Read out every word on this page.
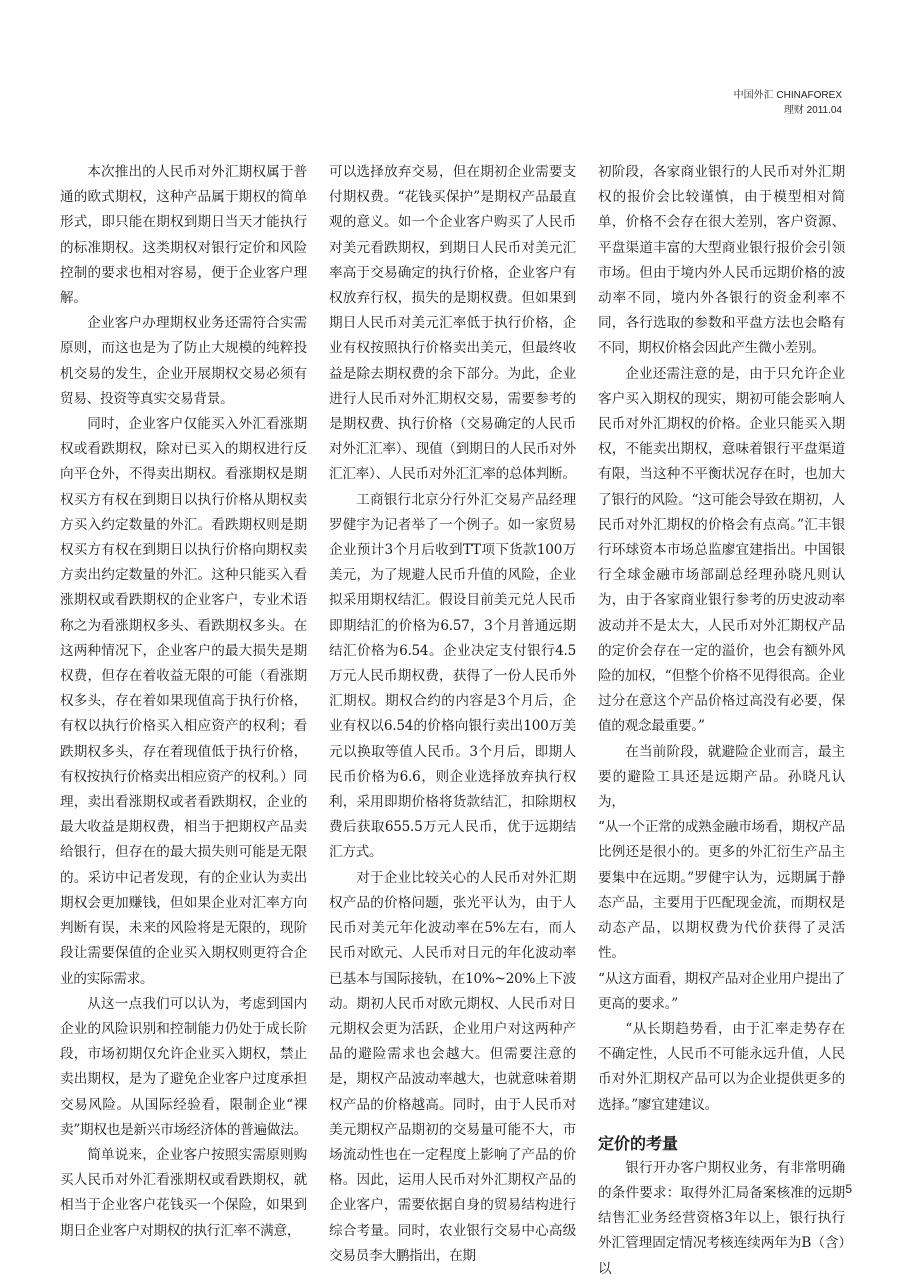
中国外汇 CHINAFOREX
理财 2011.04

本次推出的人民币对外汇期权属于普通的欧式期权，这种产品属于期权的简单形式，即只能在期权到期日当天才能执行的标准期权。这类期权对银行定价和风险控制的要求也相对容易，便于企业客户理解。

企业客户办理期权业务还需符合实需原则，而这也是为了防止大规模的纯粹投机交易的发生，企业开展期权交易必须有贸易、投资等真实交易背景。

同时，企业客户仅能买入外汇看涨期权或看跌期权，除对已买入的期权进行反向平仓外，不得卖出期权。看涨期权是期权买方有权在到期日以执行价格从期权卖方买入约定数量的外汇。看跌期权则是期权买方有权在到期日以执行价格向期权卖方卖出约定数量的外汇。这种只能买入看涨期权或看跌期权的企业客户，专业术语称之为看涨期权多头、看跌期权多头。在这两种情况下，企业客户的最大损失是期权费，但存在着收益无限的可能（看涨期权多头，存在着如果现值高于执行价格，有权以执行价格买入相应资产的权利；看跌期权多头，存在着现值低于执行价格，有权按执行价格卖出相应资产的权利。）同理，卖出看涨期权或者看跌期权，企业的最大收益是期权费，相当于把期权产品卖给银行，但存在的最大损失则可能是无限的。采访中记者发现，有的企业认为卖出期权会更加赚钱，但如果企业对汇率方向判断有误，未来的风险将是无限的，现阶段让需要保值的企业买入期权则更符合企业的实际需求。

从这一点我们可以认为，考虑到国内企业的风险识别和控制能力仍处于成长阶段，市场初期仅允许企业买入期权，禁止卖出期权，是为了避免企业客户过度承担交易风险。从国际经验看，限制企业“裸卖”期权也是新兴市场经济体的普遍做法。

简单说来，企业客户按照实需原则购买人民币对外汇看涨期权或看跌期权，就相当于企业客户花钱买一个保险，如果到期日企业客户对期权的执行汇率不满意，

可以选择放弃交易，但在期初企业需要支付期权费。“花钱买保护”是期权产品最直观的意义。如一个企业客户购买了人民币对美元看跌期权，到期日人民币对美元汇率高于交易确定的执行价格，企业客户有权放弃行权，损失的是期权费。但如果到期日人民币对美元汇率低于执行价格，企业有权按照执行价格卖出美元，但最终收益是除去期权费的余下部分。为此，企业进行人民币对外汇期权交易，需要参考的是期权费、执行价格（交易确定的人民币对外汇汇率）、现值（到期日的人民币对外汇汇率）、人民币对外汇汇率的总体判断。

工商银行北京分行外汇交易产品经理罗健宇为记者举了一个例子。如一家贸易企业预计3个月后收到TT项下货款100万美元，为了规避人民币升值的风险，企业拟采用期权结汇。假设目前美元兑人民币即期结汇的价格为6.57，3个月普通远期结汇价格为6.54。企业决定支付银行4.5万元人民币期权费，获得了一份人民币外汇期权。期权合约的内容是3个月后，企业有权以6.54的价格向银行卖出100万美元以换取等值人民币。3个月后，即期人民币价格为6.6，则企业选择放弃执行权利，采用即期价格将货款结汇，扣除期权费后获取655.5万元人民币，优于远期结汇方式。

对于企业比较关心的人民币对外汇期权产品的价格问题，张光平认为，由于人民币对美元年化波动率在5%左右，而人民币对欧元、人民币对日元的年化波动率已基本与国际接轨，在10%~20%上下波动。期初人民币对欧元期权、人民币对日元期权会更为活跃，企业用户对这两种产品的避险需求也会越大。但需要注意的是，期权产品波动率越大，也就意味着期权产品的价格越高。同时，由于人民币对美元期权产品期初的交易量可能不大，市场流动性也在一定程度上影响了产品的价格。因此，运用人民币对外汇期权产品的企业客户，需要依据自身的贸易结构进行综合考量。同时，农业银行交易中心高级交易员李大鹏指出，在期

初阶段，各家商业银行的人民币对外汇期权的报价会比较谨慎，由于模型相对简单，价格不会存在很大差别，客户资源、平盘渠道丰富的大型商业银行报价会引领市场。但由于境内外人民币远期价格的波动率不同，境内外各银行的资金利率不同，各行选取的参数和平盘方法也会略有不同，期权价格会因此产生微小差别。

企业还需注意的是，由于只允许企业客户买入期权的现实，期初可能会影响人民币对外汇期权的价格。企业只能买入期权，不能卖出期权，意味着银行平盘渠道有限，当这种不平衡状况存在时，也加大了银行的风险。“这可能会导致在期初，人民币对外汇期权的价格会有点高。”汇丰银行环球资本市场总监廖宜建指出。中国银行全球金融市场部副总经理孙晓凡则认为，由于各家商业银行参考的历史波动率波动并不是太大，人民币对外汇期权产品的定价会存在一定的溢价，也会有额外风险的加权，“但整个价格不见得很高。企业过分在意这个产品价格过高没有必要，保值的观念最重要。”

在当前阶段，就避险企业而言，最主要的避险工具还是远期产品。孙晓凡认为，

“从一个正常的成熟金融市场看，期权产品比例还是很小的。更多的外汇衍生产品主要集中在远期。”罗健宇认为，远期属于静态产品，主要用于匹配现金流，而期权是动态产品，以期权费为代价获得了灵活性。

“从这方面看，期权产品对企业用户提出了更高的要求。”

“从长期趋势看，由于汇率走势存在不确定性，人民币不可能永远升值，人民币对外汇期权产品可以为企业提供更多的选择。”廖宜建建议。

定价的考量

银行开办客户期权业务，有非常明确的条件要求：取得外汇局备案核准的远期结售汇业务经营资格3年以上，银行执行外汇管理固定情况考核连续两年为B（含）以

5
